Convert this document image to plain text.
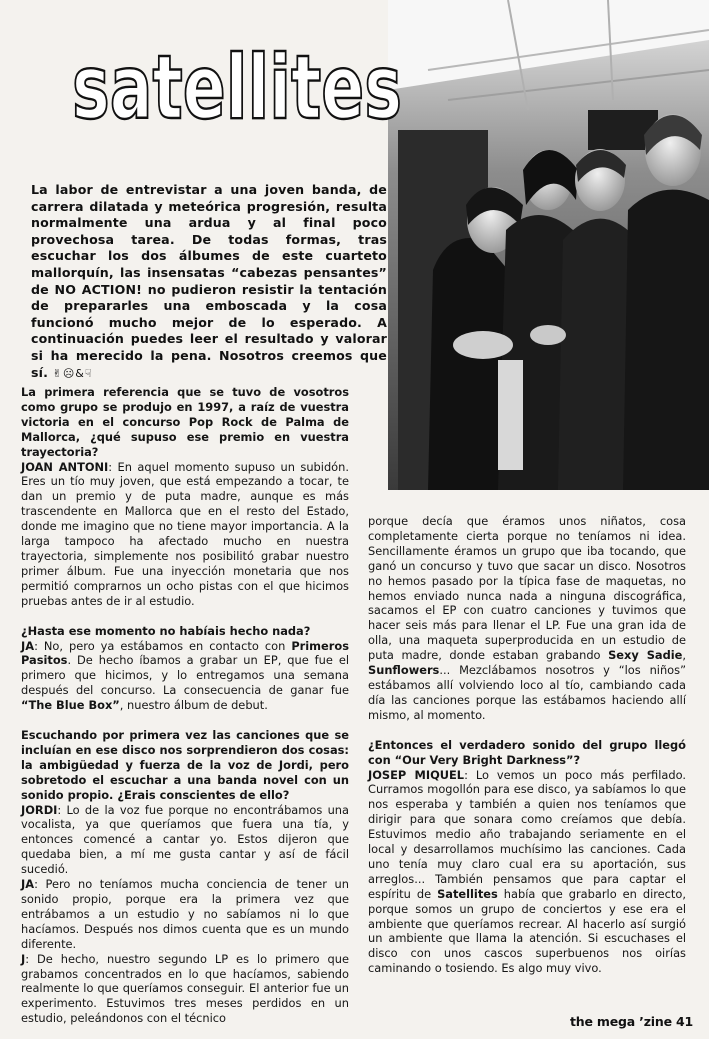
satellites
La labor de entrevistar a una joven banda, de carrera dilatada y meteórica progresión, resulta normalmente una ardua y al final poco provechosa tarea. De todas formas, tras escuchar los dos álbumes de este cuarteto mallorquín, las insensatas “cabezas pensantes” de NO ACTION! no pudieron resistir la tentación de prepararles una emboscada y la cosa funcionó mucho mejor de lo esperado. A continuación puedes leer el resultado y valorar si ha merecido la pena. Nosotros creemos que sí. ✌☹&☟

La primera referencia que se tuvo de vosotros como grupo se produjo en 1997, a raíz de vuestra victoria en el concurso Pop Rock de Palma de Mallorca, ¿qué supuso ese premio en vuestra trayectoria?

JOAN ANTONI: En aquel momento supuso un subidón. Eres un tío muy joven, que está empezando a tocar, te dan un premio y de puta madre, aunque es más trascendente en Mallorca que en el resto del Estado, donde me imagino que no tiene mayor importancia. A la larga tampoco ha afectado mucho en nuestra trayectoria, simplemente nos posibilitó grabar nuestro primer álbum. Fue una inyección monetaria que nos permitió comprarnos un ocho pistas con el que hicimos pruebas antes de ir al estudio.

¿Hasta ese momento no habíais hecho nada?

JA: No, pero ya estábamos en contacto con Primeros Pasitos. De hecho íbamos a grabar un EP, que fue el primero que hicimos, y lo entregamos una semana después del concurso. La consecuencia de ganar fue “The Blue Box”, nuestro álbum de debut.

Escuchando por primera vez las canciones que se incluían en ese disco nos sorprendieron dos cosas: la ambigüedad y fuerza de la voz de Jordi, pero sobretodo el escuchar a una banda novel con un sonido propio. ¿Erais conscientes de ello?

JORDI: Lo de la voz fue porque no encontrábamos una vocalista, ya que queríamos que fuera una tía, y entonces comencé a cantar yo. Estos dijeron que quedaba bien, a mí me gusta cantar y así de fácil sucedió.

JA: Pero no teníamos mucha conciencia de tener un sonido propio, porque era la primera vez que entrábamos a un estudio y no sabíamos ni lo que hacíamos. Después nos dimos cuenta que es un mundo diferente.

J: De hecho, nuestro segundo LP es lo primero que grabamos concentrados en lo que hacíamos, sabiendo realmente lo que queríamos conseguir. El anterior fue un experimento. Estuvimos tres meses perdidos en un estudio, peleándonos con el técnico

porque decía que éramos unos niñatos, cosa completamente cierta porque no teníamos ni idea. Sencillamente éramos un grupo que iba tocando, que ganó un concurso y tuvo que sacar un disco. Nosotros no hemos pasado por la típica fase de maquetas, no hemos enviado nunca nada a ninguna discográfica, sacamos el EP con cuatro canciones y tuvimos que hacer seis más para llenar el LP. Fue una gran ida de olla, una maqueta superproducida en un estudio de puta madre, donde estaban grabando Sexy Sadie, Sunflowers... Mezclábamos nosotros y “los niños” estábamos allí volviendo loco al tío, cambiando cada día las canciones porque las estábamos haciendo allí mismo, al momento.

¿Entonces el verdadero sonido del grupo llegó con “Our Very Bright Darkness”?

JOSEP MIQUEL: Lo vemos un poco más perfilado. Curramos mogollón para ese disco, ya sabíamos lo que nos esperaba y también a quien nos teníamos que dirigir para que sonara como creíamos que debía. Estuvimos medio año trabajando seriamente en el local y desarrollamos muchísimo las canciones. Cada uno tenía muy claro cual era su aportación, sus arreglos... También pensamos que para captar el espíritu de Satellites había que grabarlo en directo, porque somos un grupo de conciertos y ese era el ambiente que queríamos recrear. Al hacerlo así surgió un ambiente que llama la atención. Si escuchases el disco con unos cascos superbuenos nos oirías caminando o tosiendo. Es algo muy vivo.

the mega ’zine 41
